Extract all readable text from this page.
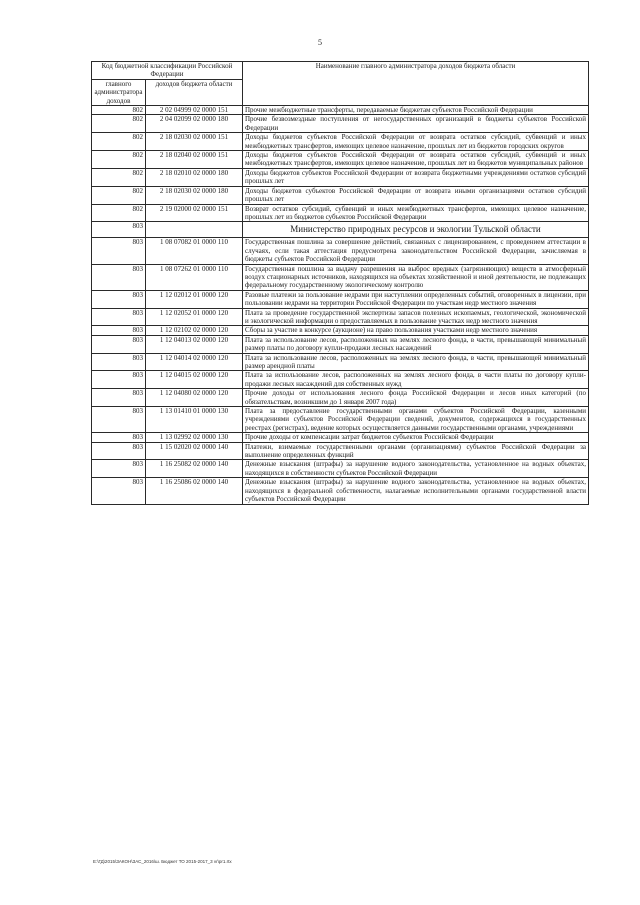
5
Код бюджетной классификации Российской Федерации		Наименование главного администратора доходов бюджета области
главного администратора доходов	доходов бюджета области	
802	2 02 04999 02 0000 151	Прочие межбюджетные трансферты, передаваемые бюджетам субъектов Российской Федерации
802	2 04 02099 02 0000 180	Прочие безвозмездные поступления от негосударственных организаций в бюджеты субъектов Российской Федерации
802	2 18 02030 02 0000 151	Доходы бюджетов субъектов Российской Федерации от возврата остатков субсидий, субвенций и иных межбюджетных трансфертов, имеющих целевое назначение, прошлых лет из бюджетов городских округов
802	2 18 02040 02 0000 151	Доходы бюджетов субъектов Российской Федерации от возврата остатков субсидий, субвенций и иных межбюджетных трансфертов, имеющих целевое назначение, прошлых лет из бюджетов муниципальных районов
802	2 18 02010 02 0000 180	Доходы бюджетов субъектов Российской Федерации от возврата бюджетными учреждениями остатков субсидий прошлых лет
802	2 18 02030 02 0000 180	Доходы бюджетов субъектов Российской Федерации от возврата иными организациями остатков субсидий прошлых лет
802	2 19 02000 02 0000 151	Возврат остатков субсидий, субвенций и иных межбюджетных трансфертов, имеющих целевое назначение, прошлых лет из бюджетов субъектов Российской Федерации
803		Министерство природных ресурсов и экологии Тульской области
803	1 08 07082 01 0000 110	Государственная пошлина за совершение действий, связанных с лицензированием, с проведением аттестации в случаях, если такая аттестация предусмотрена законодательством Российской Федерации, зачисляемая в бюджеты субъектов Российской Федерации
803	1 08 07262 01 0000 110	Государственная пошлина за выдачу разрешения на выброс вредных (загрязняющих) веществ в атмосферный воздух стационарных источников, находящихся на объектах хозяйственной и иной деятельности, не подлежащих федеральному государственному экологическому контролю
803	1 12 02012 01 0000 120	Разовые платежи за пользование недрами при наступлении определенных событий, оговоренных в лицензии, при пользовании недрами на территории Российской Федерации по участкам недр местного значения
803	1 12 02052 01 0000 120	Плата за проведение государственной экспертизы запасов полезных ископаемых, геологической, экономической и экологической информации о предоставляемых в пользование участках недр местного значения
803	1 12 02102 02 0000 120	Сборы за участие в конкурсе (аукционе) на право пользования участками недр местного значения
803	1 12 04013 02 0000 120	Плата за использование лесов, расположенных на землях лесного фонда, в части, превышающей минимальный размер платы по договору купли-продажи лесных насаждений
803	1 12 04014 02 0000 120	Плата за использование лесов, расположенных на землях лесного фонда, в части, превышающей минимальный размер арендной платы
803	1 12 04015 02 0000 120	Плата за использование лесов, расположенных на землях лесного фонда, в части платы по договору купли-продажи лесных насаждений для собственных нужд
803	1 12 04080 02 0000 120	Прочие доходы от использования лесного фонда Российской Федерации и лесов иных категорий (по обязательствам, возникшим до 1 января 2007 года)
803	1 13 01410 01 0000 130	Плата за предоставление государственными органами субъектов Российской Федерации, казенными учреждениями субъектов Российской Федерации сведений, документов, содержащихся в государственных реестрах (регистрах), ведение которых осуществляется данными государственными органами, учреждениями
803	1 13 02992 02 0000 130	Прочие доходы от компенсации затрат бюджетов субъектов Российской Федерации
803	1 15 02020 02 0000 140	Платежи, взимаемые государственными органами (организациями) субъектов Российской Федерации за выполнение определенных функций
803	1 16 25082 02 0000 140	Денежные взыскания (штрафы) за нарушение водного законодательства, установленное на водных объектах, находящихся в собственности субъектов Российской Федерации
803	1 16 25086 02 0000 140	Денежные взыскания (штрафы) за нарушение водного законодательства, установленное на водных объектах, находящихся в федеральной собственности, налагаемые исполнительными органами государственной власти субъектов Российской Федерации
E:\ГД\2015\ЗАКОН\ЗАС_2016\ш. Бюджет ТО 2015-2017_3 vr\pr1.rtx
